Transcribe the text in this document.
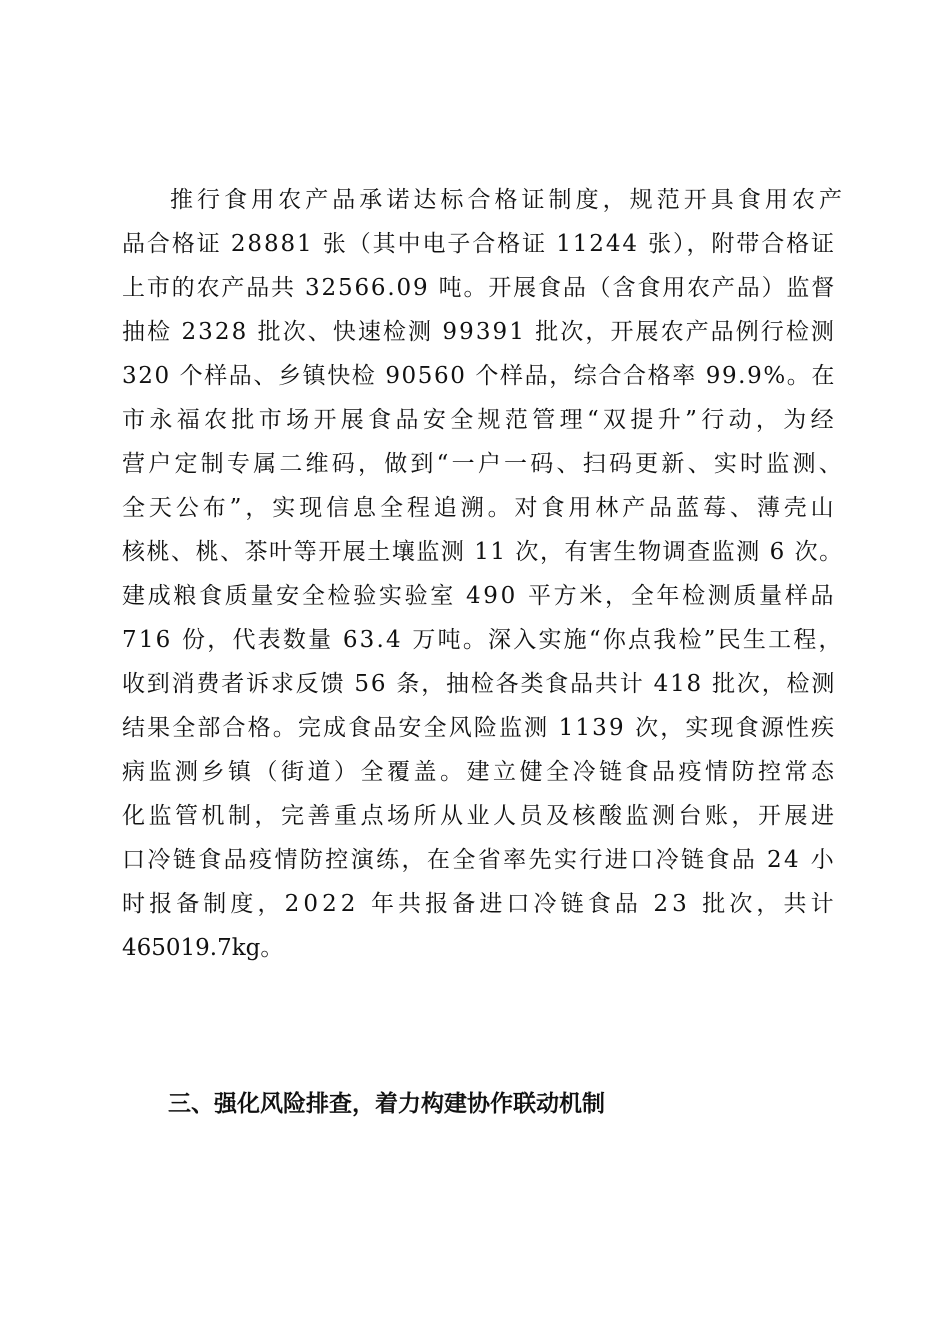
推行食用农产品承诺达标合格证制度，规范开具食用农产
品合格证 28881 张（其中电子合格证 11244 张），附带合格证
上市的农产品共 32566.09 吨。开展食品（含食用农产品）监督
抽检 2328 批次、快速检测 99391 批次，开展农产品例行检测
320 个样品、乡镇快检 90560 个样品，综合合格率 99.9%。在
市永福农批市场开展食品安全规范管理“双提升”行动，为经
营户定制专属二维码，做到“一户一码、扫码更新、实时监测、
全天公布”，实现信息全程追溯。对食用林产品蓝莓、薄壳山
核桃、桃、茶叶等开展土壤监测 11 次，有害生物调查监测 6 次。
建成粮食质量安全检验实验室 490 平方米，全年检测质量样品
716 份，代表数量 63.4 万吨。深入实施“你点我检”民生工程，
收到消费者诉求反馈 56 条，抽检各类食品共计 418 批次，检测
结果全部合格。完成食品安全风险监测 1139 次，实现食源性疾
病监测乡镇（街道）全覆盖。建立健全冷链食品疫情防控常态
化监管机制，完善重点场所从业人员及核酸监测台账，开展进
口冷链食品疫情防控演练，在全省率先实行进口冷链食品 24 小
时报备制度，2022 年共报备进口冷链食品 23 批次，共计
465019.7kg。
三、强化风险排查，着力构建协作联动机制
